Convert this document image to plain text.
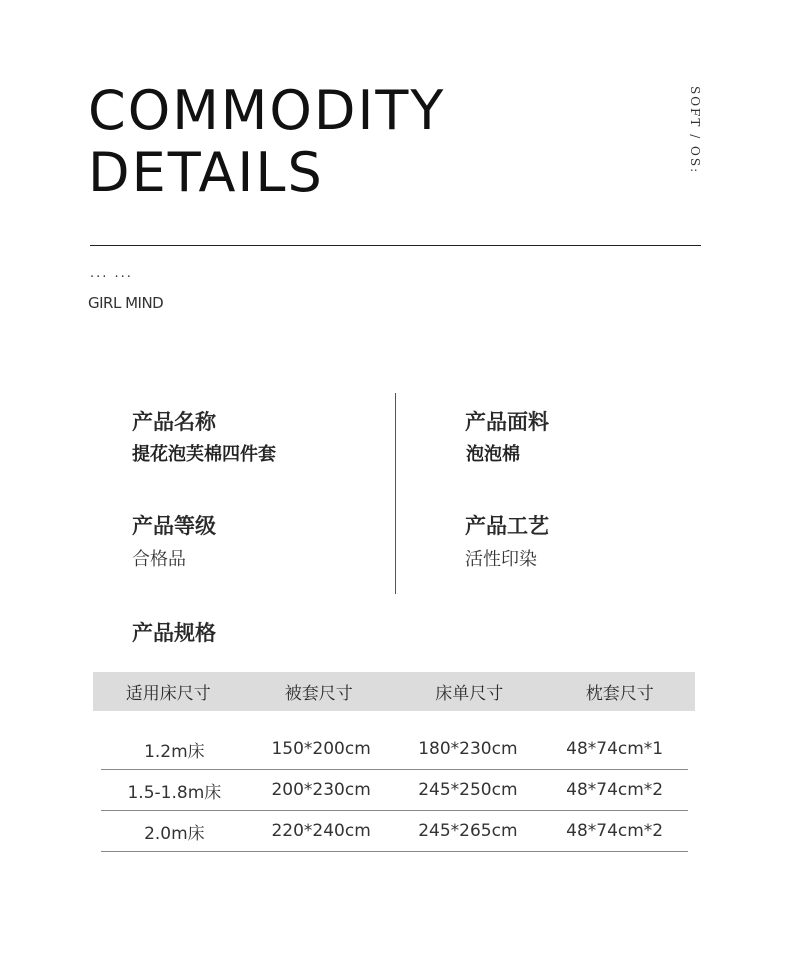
COMMODITY
DETAILS	SOFT / OS:
··· ···
GIRL MIND
产品名称
提花泡芙棉四件套
产品面料
泡泡棉
产品等级
合格品
产品工艺
活性印染
产品规格
适用床尺寸	被套尺寸	床单尺寸	枕套尺寸
1.2m床	150*200cm	180*230cm	48*74cm*1
1.5-1.8m床	200*230cm	245*250cm	48*74cm*2
2.0m床	220*240cm	245*265cm	48*74cm*2
